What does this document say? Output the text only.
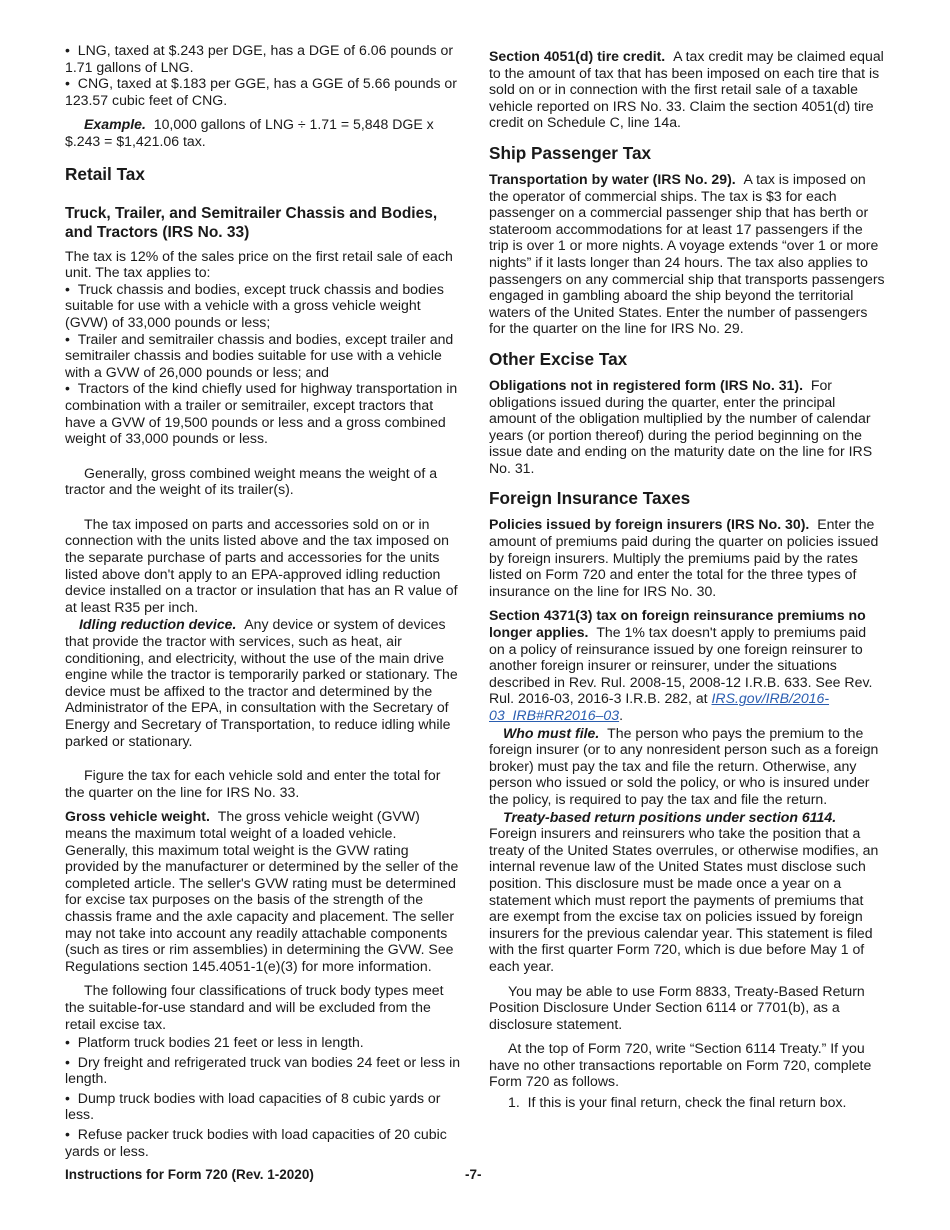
•  LNG, taxed at $.243 per DGE, has a DGE of 6.06 pounds or 1.71 gallons of LNG.

•  CNG, taxed at $.183 per GGE, has a GGE of 5.66 pounds or 123.57 cubic feet of CNG.

Example. 10,000 gallons of LNG ÷ 1.71 = 5,848 DGE x $.243 = $1,421.06 tax.

Retail Tax
Truck, Trailer, and Semitrailer Chassis and Bodies, and Tractors (IRS No. 33)

The tax is 12% of the sales price on the first retail sale of each unit. The tax applies to:

•  Truck chassis and bodies, except truck chassis and bodies suitable for use with a vehicle with a gross vehicle weight (GVW) of 33,000 pounds or less;

•  Trailer and semitrailer chassis and bodies, except trailer and semitrailer chassis and bodies suitable for use with a vehicle with a GVW of 26,000 pounds or less; and

•  Tractors of the kind chiefly used for highway transportation in combination with a trailer or semitrailer, except tractors that have a GVW of 19,500 pounds or less and a gross combined weight of 33,000 pounds or less.

Generally, gross combined weight means the weight of a tractor and the weight of its trailer(s).

The tax imposed on parts and accessories sold on or in connection with the units listed above and the tax imposed on the separate purchase of parts and accessories for the units listed above don't apply to an EPA-approved idling reduction device installed on a tractor or insulation that has an R value of at least R35 per inch.

Idling reduction device. Any device or system of devices that provide the tractor with services, such as heat, air conditioning, and electricity, without the use of the main drive engine while the tractor is temporarily parked or stationary. The device must be affixed to the tractor and determined by the Administrator of the EPA, in consultation with the Secretary of Energy and Secretary of Transportation, to reduce idling while parked or stationary.

Figure the tax for each vehicle sold and enter the total for the quarter on the line for IRS No. 33.

Gross vehicle weight. The gross vehicle weight (GVW) means the maximum total weight of a loaded vehicle. Generally, this maximum total weight is the GVW rating provided by the manufacturer or determined by the seller of the completed article. The seller's GVW rating must be determined for excise tax purposes on the basis of the strength of the chassis frame and the axle capacity and placement. The seller may not take into account any readily attachable components (such as tires or rim assemblies) in determining the GVW. See Regulations section 145.4051-1(e)(3) for more information.

The following four classifications of truck body types meet the suitable-for-use standard and will be excluded from the retail excise tax.

•  Platform truck bodies 21 feet or less in length.

•  Dry freight and refrigerated truck van bodies 24 feet or less in length.

•  Dump truck bodies with load capacities of 8 cubic yards or less.

•  Refuse packer truck bodies with load capacities of 20 cubic yards or less.

Section 4051(d) tire credit. A tax credit may be claimed equal to the amount of tax that has been imposed on each tire that is sold on or in connection with the first retail sale of a taxable vehicle reported on IRS No. 33. Claim the section 4051(d) tire credit on Schedule C, line 14a.

Ship Passenger Tax

Transportation by water (IRS No. 29). A tax is imposed on the operator of commercial ships. The tax is $3 for each passenger on a commercial passenger ship that has berth or stateroom accommodations for at least 17 passengers if the trip is over 1 or more nights. A voyage extends “over 1 or more nights” if it lasts longer than 24 hours. The tax also applies to passengers on any commercial ship that transports passengers engaged in gambling aboard the ship beyond the territorial waters of the United States. Enter the number of passengers for the quarter on the line for IRS No. 29.

Other Excise Tax

Obligations not in registered form (IRS No. 31). For obligations issued during the quarter, enter the principal amount of the obligation multiplied by the number of calendar years (or portion thereof) during the period beginning on the issue date and ending on the maturity date on the line for IRS No. 31.

Foreign Insurance Taxes

Policies issued by foreign insurers (IRS No. 30). Enter the amount of premiums paid during the quarter on policies issued by foreign insurers. Multiply the premiums paid by the rates listed on Form 720 and enter the total for the three types of insurance on the line for IRS No. 30.

Section 4371(3) tax on foreign reinsurance premiums no longer applies. The 1% tax doesn't apply to premiums paid on a policy of reinsurance issued by one foreign reinsurer to another foreign insurer or reinsurer, under the situations described in Rev. Rul. 2008-15, 2008-12 I.R.B. 633. See Rev. Rul. 2016-03, 2016-3 I.R.B. 282, at IRS.gov/IRB/2016-03_IRB#RR2016–03.

Who must file. The person who pays the premium to the foreign insurer (or to any nonresident person such as a foreign broker) must pay the tax and file the return. Otherwise, any person who issued or sold the policy, or who is insured under the policy, is required to pay the tax and file the return.

Treaty-based return positions under section 6114. Foreign insurers and reinsurers who take the position that a treaty of the United States overrules, or otherwise modifies, an internal revenue law of the United States must disclose such position. This disclosure must be made once a year on a statement which must report the payments of premiums that are exempt from the excise tax on policies issued by foreign insurers for the previous calendar year. This statement is filed with the first quarter Form 720, which is due before May 1 of each year.

You may be able to use Form 8833, Treaty-Based Return Position Disclosure Under Section 6114 or 7701(b), as a disclosure statement.

At the top of Form 720, write “Section 6114 Treaty.” If you have no other transactions reportable on Form 720, complete Form 720 as follows.

1.  If this is your final return, check the final return box.

Instructions for Form 720 (Rev. 1-2020)	-7-
